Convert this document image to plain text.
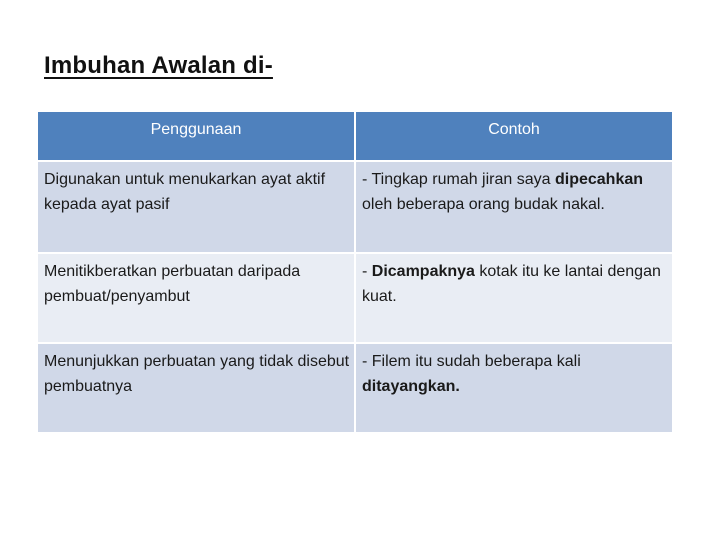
Imbuhan Awalan di-
Penggunaan	Contoh
Digunakan untuk menukarkan ayat aktif kepada ayat pasif	- Tingkap rumah jiran saya dipecahkan oleh beberapa orang budak nakal.
Menitikberatkan perbuatan daripada pembuat/penyambut	- Dicampaknya kotak itu ke lantai dengan kuat.
Menunjukkan perbuatan yang tidak disebut pembuatnya	- Filem itu sudah beberapa kali ditayangkan.
